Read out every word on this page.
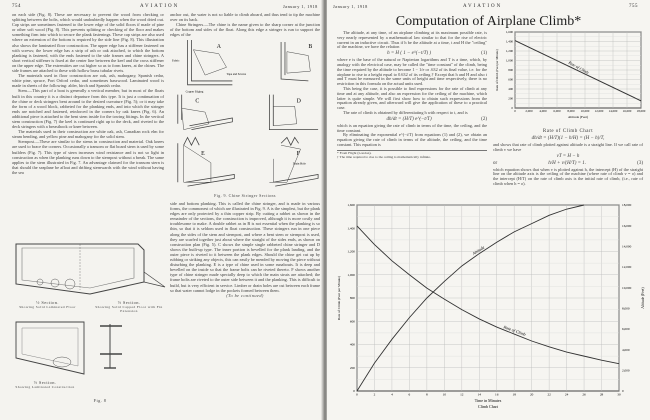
754	AVIATION	January 1, 1918

on each side (Fig. 8). These are necessary to prevent the wood from checking or splitting between the bolts, which would undoubtedly happen when the wood dried out. Cap strips are sometimes fastened to the lower edge of the solid floors if made of pine or other soft wood (Fig. 8). This prevents splitting or checking of the floor and makes something firm into which to secure the plank fastenings. These cap strips are also used where an extension of the bottom is required by the side line (Fig. 8). This illustration also shows the laminated floor construction. The upper edge has a stiffener fastened on with screws; the lower edge has a strip of ash or oak attached, to which the bottom planking is fastened, with the ends fastened to the side frames and chine stringers. A short vertical stiffener is fixed at the center line between the keel and the cross stiffener on the upper edge. The extremities are cut higher so as to form knees, at the chines. The side frames are attached to these with hollow brass tubular rivets.

The materials used in floor construction are oak, ash, mahogany, Spanish cedar, white pine, spruce, Port Orford cedar, and sometimes basswood. Laminated wood is made in sheets of the following: alder, birch and Spanish cedar.

Stem.—This part of a boat is generally a vertical member, but in most of the floats built in this country it is a distinct departure from this type. It is just a continuation of the chine or deck stringers bent around to the desired curvature (Fig. 5); or it may take the form of a wood block, rabbeted for the planking ends, and into which the stringer ends are notched and fastened, reinforced in the corners by oak knees (Fig. 6). An additional piece is attached to the bent stem inside for the towing fittings. In the vertical stem construction (Fig. 7) the keel is continued right up to the deck, and riveted to the deck stringers with a breasthook or knee between.

The materials used in their construction are white oak, ash, Canadian rock elm for steam bending, and yellow pine and mahogany for the solid stem.

Sternpost.—These are similar to the stems in construction and material. Oak knees are used to brace the corners. Occasionally a transom or flat board stern is used by some builders (Fig. 7). This type of stern increases wind resistance and is not so light in construction as when the planking runs down to the sternpost without a break. The same applies to the stern illustrated in Fig. 7. An advantage claimed for the transom stern is that should the seaplane be afloat and drifting sternwards with the wind without having the sea

½ Section.
Showing Solid Laminated Floor
½ Section.
Showing Solid Capped Floor with Fin Extension
½ Section.
Showing Laminated Construction
Fig. 8

anchor out, the water is not so liable to climb aboard, and thus tend to tip the machine over on its back.

Chine Stringers.—The chine is the name given to the sharp corner at the junction of the bottom and sides of the float. Along this edge a stringer is run to support the edges of the

A	B
C	D
E	F
Fabric
Copper Edging
Tape and Screws
Drain Hole
Fig. 9. Chine Stringer Sections

side and bottom planking. This is called the chine stringer, and is made in various forms, the commonest of which are illustrated in Fig. 9. A is the simplest, but the plank edges are only protected by a thin copper strip. By cutting a rabbet as shown in the remainder of the sections, the construction is improved, although it is more costly and troublesome to make. A double rabbet as in B is not essential when the planking is so thin, so that it is seldom used in float construction. These stringers run in one piece along the sides of the stem and sternpost, and where a bent stem or sternpost is used, they are scarfed together just about where the straight of the sides ends, as shown on construction plan (Fig. 5). C shows the simple single rabbeted chine stringer and D shows the built-up type. The inner portion is bevelled for the plank landing, and the outer piece is riveted to it between the plank edges. Should the chine get cut up by rubbing or striking any objects, this can easily be mended by moving the piece without disturbing the planking. E is a type of chine used in some runabouts. It is deep and bevelled on the inside so that the frame bolts can be riveted thereto. F shows another type of chine stringer made specially deep to which the main struts are attached; the frame bolts are riveted to the outer side between it and the planking. This is difficult to build, but is very efficient in service. Limber or drain holes are cut between each frame so that water cannot lodge in the pockets formed between them.

(To be continued)
January 1, 1918	AVIATION	755
Computation of Airplane Climb*

The altitude, at any time, of an airplane climbing at its maximum possible rate, is very nearly represented by a mathematical law similar to that for the rise of electric current in an inductive circuit. Thus if h be the altitude at a time, t and H the "ceiling" of the machine, we have the relation

h = H ( 1 − e^(−t/T) )	(1)

where e is the base of the natural or Napierian logarithms and T is a time, which, by analogy with the electrical case, may be called the "time constant" of the climb, being the time required by the altitude to become 1 − 1/e or .632 of its final value, i.e. for the airplane to rise to a height equal to 0.632 of its ceiling.† Except that h and H and also t and T must be measured in the same units of height and time respectively, there is no restriction in this formula on the actual units used.

This being the case, it is possible to find expressions for the rate of climb at any time and at any altitude, and also an expression for the ceiling of the machine, which latter is quite simple. We will first show how to obtain such expressions from the equation already given, and afterward will give the application of these to a practical case.

The rate of climb is obtained by differentiating h with respect to t, and is

dh/dt = (H/T) e^(−t/T)	(2)

which is an equation giving the rate of climb in terms of the time, the ceiling, and the time constant.

By eliminating the exponential e^(−t/T) from equations (1) and (2), we obtain an equation giving the rate of climb in terms of the altitude, the ceiling, and the time constant. This equation is

* From Flight (London).
† The time required to rise to the ceiling is mathematically infinite.
0	2,000 4,000 6,000 8,000 10,000 12,000 14,000 16,000 18,000
0
200
400
600
800
1,000
1,200
1,400
1,600
Rate of Climb (Feet per Minute)
Altitude (Feet)
Rate of Climb
Rate of Climb Chart
dh/dt = (H/T)(1 − h/H) = (H − h)/T,

and shows that rate of climb plotted against altitude is a straight line. If we call rate of climb v we have

vT = H − h
or	h/H + v/(H/T) = 1.	(3)

which equation shows that when v is plotted against h, the intercept (H) of the straight line on the altitude axis is the ceiling of the machine (where rate of climb v = o) and the intercept (H/T) on the rate of climb axis is the initial rate of climb, (i.e., rate of climb when h = o).

0	2	4	6	8	10	12	14	16	18	20	22	24	26	28	30
0
200
400
600
800
1,000
1,200
1,400
1,600
Rate of Climb (Feet per Minute)
0
2,000
4,000
6,000
8,000
10,000
12,000
14,000
16,000
18,000
Altitude (Feet)
Time in Minutes
Climb Chart
Rate of Climb
Altitude
